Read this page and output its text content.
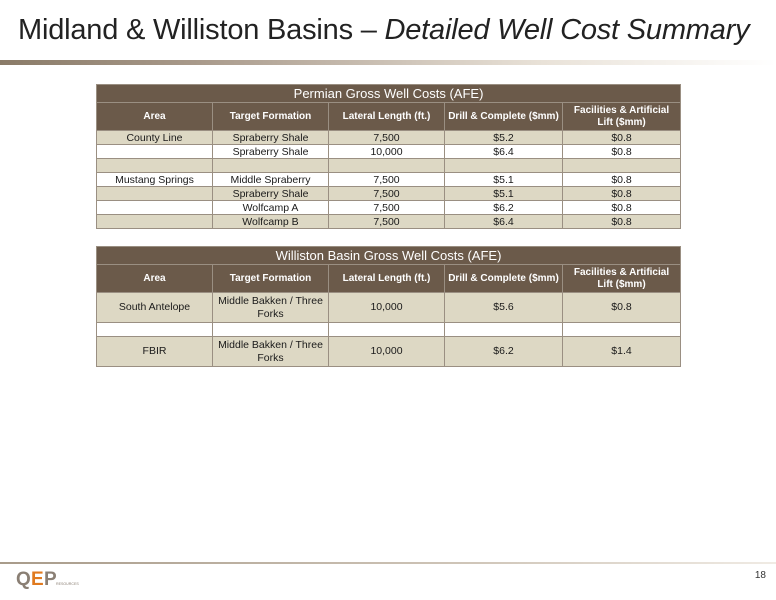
Midland & Williston Basins – Detailed Well Cost Summary
Permian Gross Well Costs (AFE)				
Area	Target Formation	Lateral Length (ft.)	Drill & Complete ($mm)	Facilities & Artificial Lift ($mm)
County Line	Spraberry Shale	7,500	$5.2	$0.8
	Spraberry Shale	10,000	$6.4	$0.8

Mustang Springs	Middle Spraberry	7,500	$5.1	$0.8
	Spraberry Shale	7,500	$5.1	$0.8
	Wolfcamp A	7,500	$6.2	$0.8
	Wolfcamp B	7,500	$6.4	$0.8
Williston Basin Gross Well Costs (AFE)				
Area	Target Formation	Lateral Length (ft.)	Drill & Complete ($mm)	Facilities & Artificial Lift ($mm)
South Antelope	Middle Bakken / Three Forks	10,000	$5.6	$0.8

FBIR	Middle Bakken / Three Forks	10,000	$6.2	$1.4
Q E P RESOURCES
18
